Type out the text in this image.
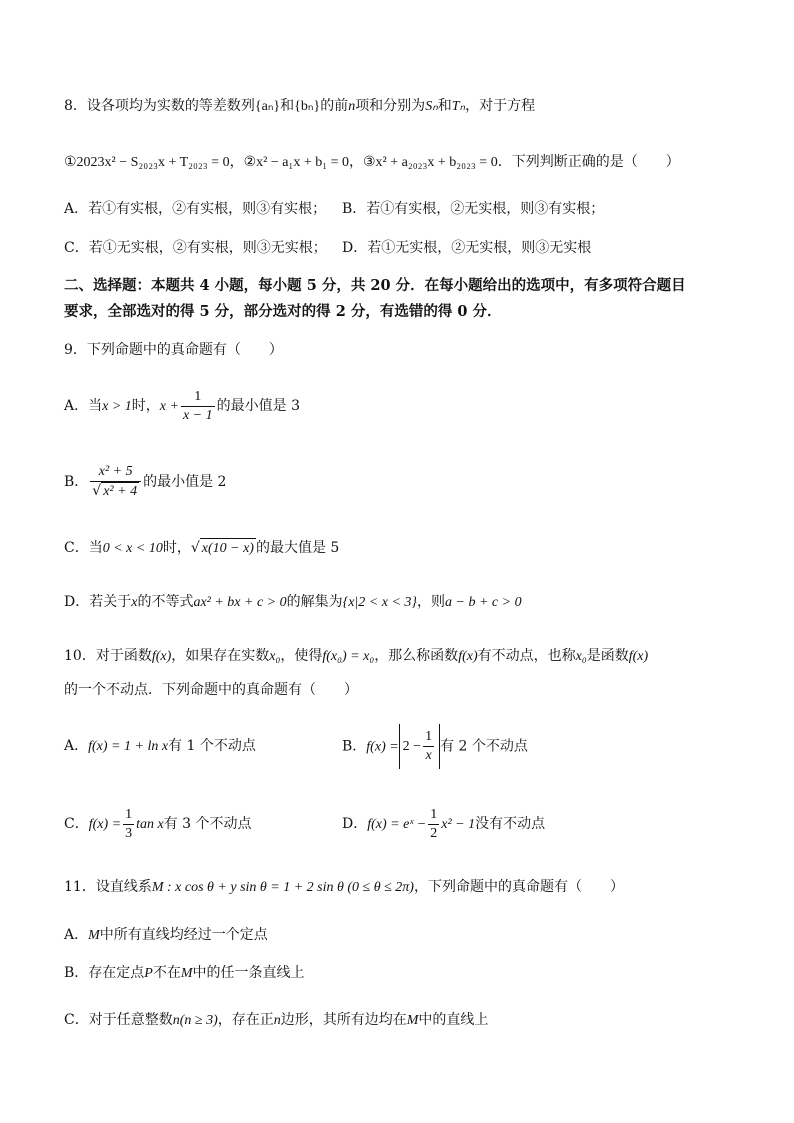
8．设各项均为实数的等差数列{aₙ}和{bₙ}的前n项和分别为Sₙ和Tₙ，对于方程
①2023x² − S₂₀₂₃x + T₂₀₂₃ = 0，②x² − a₁x + b₁ = 0，③x² + a₂₀₂₃x + b₂₀₂₃ = 0．下列判断正确的是（　　）
A．若①有实根，②有实根，则③有实根； B．若①有实根，②无实根，则③有实根；
C．若①无实根，②有实根，则③无实根； D．若①无实根，②无实根，则③无实根
二、选择题：本题共 4 小题，每小题 5 分，共 20 分．在每小题给出的选项中，有多项符合题目
要求，全部选对的得 5 分，部分选对的得 2 分，有选错的得 0 分．
9．下列命题中的真命题有（　　）
A．当x > 1时，$x + \frac{1}{x - 1}$ 的最小值是 3
B． $\frac{\text{x² + 5}}{\text{√ x² + 4}}$ 的最小值是 2
C．当0 < x < 10时，√ x(10 − x) 的最大值是 5
D．若关于x的不等式ax² + bx + c > 0的解集为{x|2 < x < 3}，则a − b + c > 0
10．对于函数f(x)，如果存在实数x₀，使得f(x₀) = x₀，那么称函数f(x)有不动点，也称x₀是函数f(x)
的一个不动点．下列命题中的真命题有（　　）
A．f(x) = 1 + ln x有 1 个不动点	B．$f(x) = 2 - \frac{1}{x}$ 有 2 个不动点
C．$f(x) = \frac{1}{3}$ tan x有 3 个不动点	D．f(x) = eˣ − $\frac{1}{2} x^2 - 1$没有不动点
11．设直线系M : x cos θ + y sin θ = 1 + 2 sin θ (0 ≤ θ ≤ 2π)，下列命题中的真命题有（　　）
A．M中所有直线均经过一个定点
B．存在定点P不在M中的任一条直线上
C．对于任意整数n(n ≥ 3)，存在正n边形，其所有边均在M中的直线上
